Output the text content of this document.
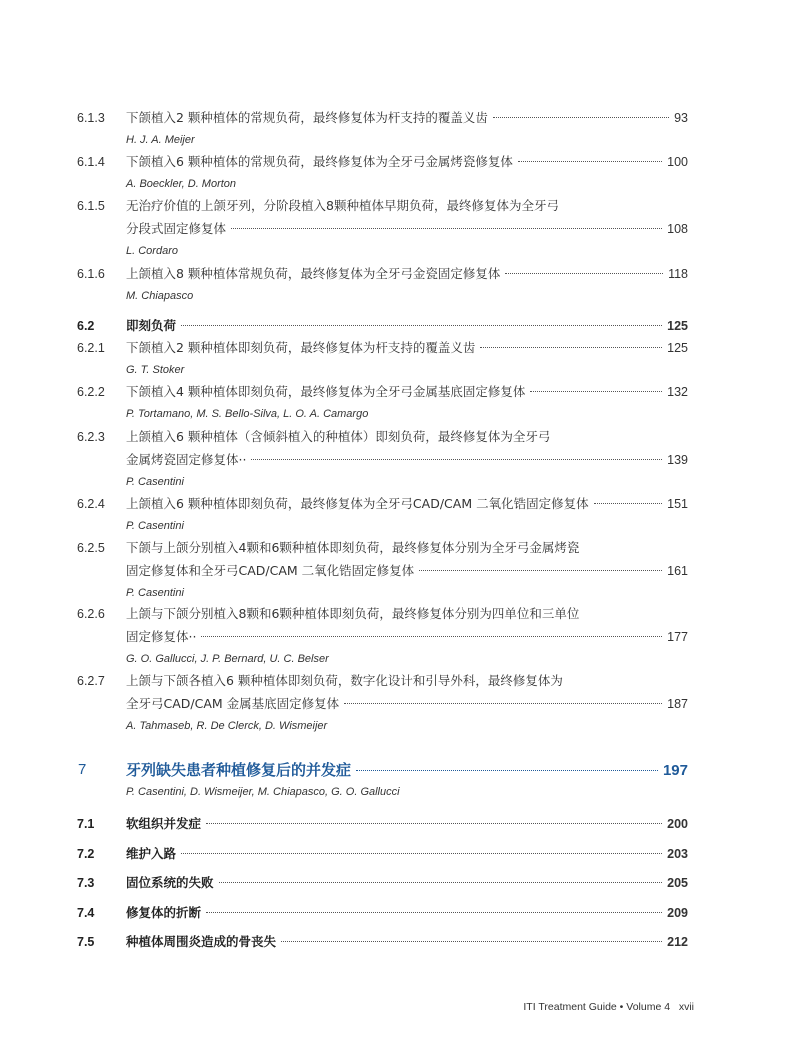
6.1.3 下颌植入2 颗种植体的常规负荷，最终修复体为杆支持的覆盖义齿	93
H. J. A. Meijer
6.1.4 下颌植入6 颗种植体的常规负荷，最终修复体为全牙弓金属烤瓷修复体	100
A. Boeckler, D. Morton
6.1.5 无治疗价值的上颌牙列，分阶段植入8颗种植体早期负荷，最终修复体为全牙弓
分段式固定修复体	108
L. Cordaro
6.1.6 上颌植入8 颗种植体常规负荷，最终修复体为全牙弓金瓷固定修复体	118
M. Chiapasco
6.2	即刻负荷	125
6.2.1 下颌植入2 颗种植体即刻负荷，最终修复体为杆支持的覆盖义齿	125
G. T. Stoker
6.2.2 下颌植入4 颗种植体即刻负荷，最终修复体为全牙弓金属基底固定修复体	132
P. Tortamano, M. S. Bello-Silva, L. O. A. Camargo
6.2.3 上颌植入6 颗种植体（含倾斜植入的种植体）即刻负荷，最终修复体为全牙弓
金属烤瓷固定修复体··	139
P. Casentini
6.2.4 上颌植入6 颗种植体即刻负荷，最终修复体为全牙弓CAD/CAM 二氧化锆固定修复体	151
P. Casentini
6.2.5 下颌与上颌分别植入4颗和6颗种植体即刻负荷，最终修复体分别为全牙弓金属烤瓷
固定修复体和全牙弓CAD/CAM 二氧化锆固定修复体	161
P. Casentini
6.2.6 上颌与下颌分别植入8颗和6颗种植体即刻负荷，最终修复体分别为四单位和三单位
固定修复体··	177
G. O. Gallucci, J. P. Bernard, U. C. Belser
6.2.7 上颌与下颌各植入6 颗种植体即刻负荷，数字化设计和引导外科，最终修复体为
全牙弓CAD/CAM 金属基底固定修复体	187
A. Tahmaseb, R. De Clerck, D. Wismeijer
7	牙列缺失患者种植修复后的并发症	197
P. Casentini, D. Wismeijer, M. Chiapasco, G. O. Gallucci
7.1	软组织并发症	200
7.2	维护入路	203
7.3	固位系统的失败	205
7.4	修复体的折断	209
7.5	种植体周围炎造成的骨丧失	212
ITI Treatment Guide • Volume 4 xvii
